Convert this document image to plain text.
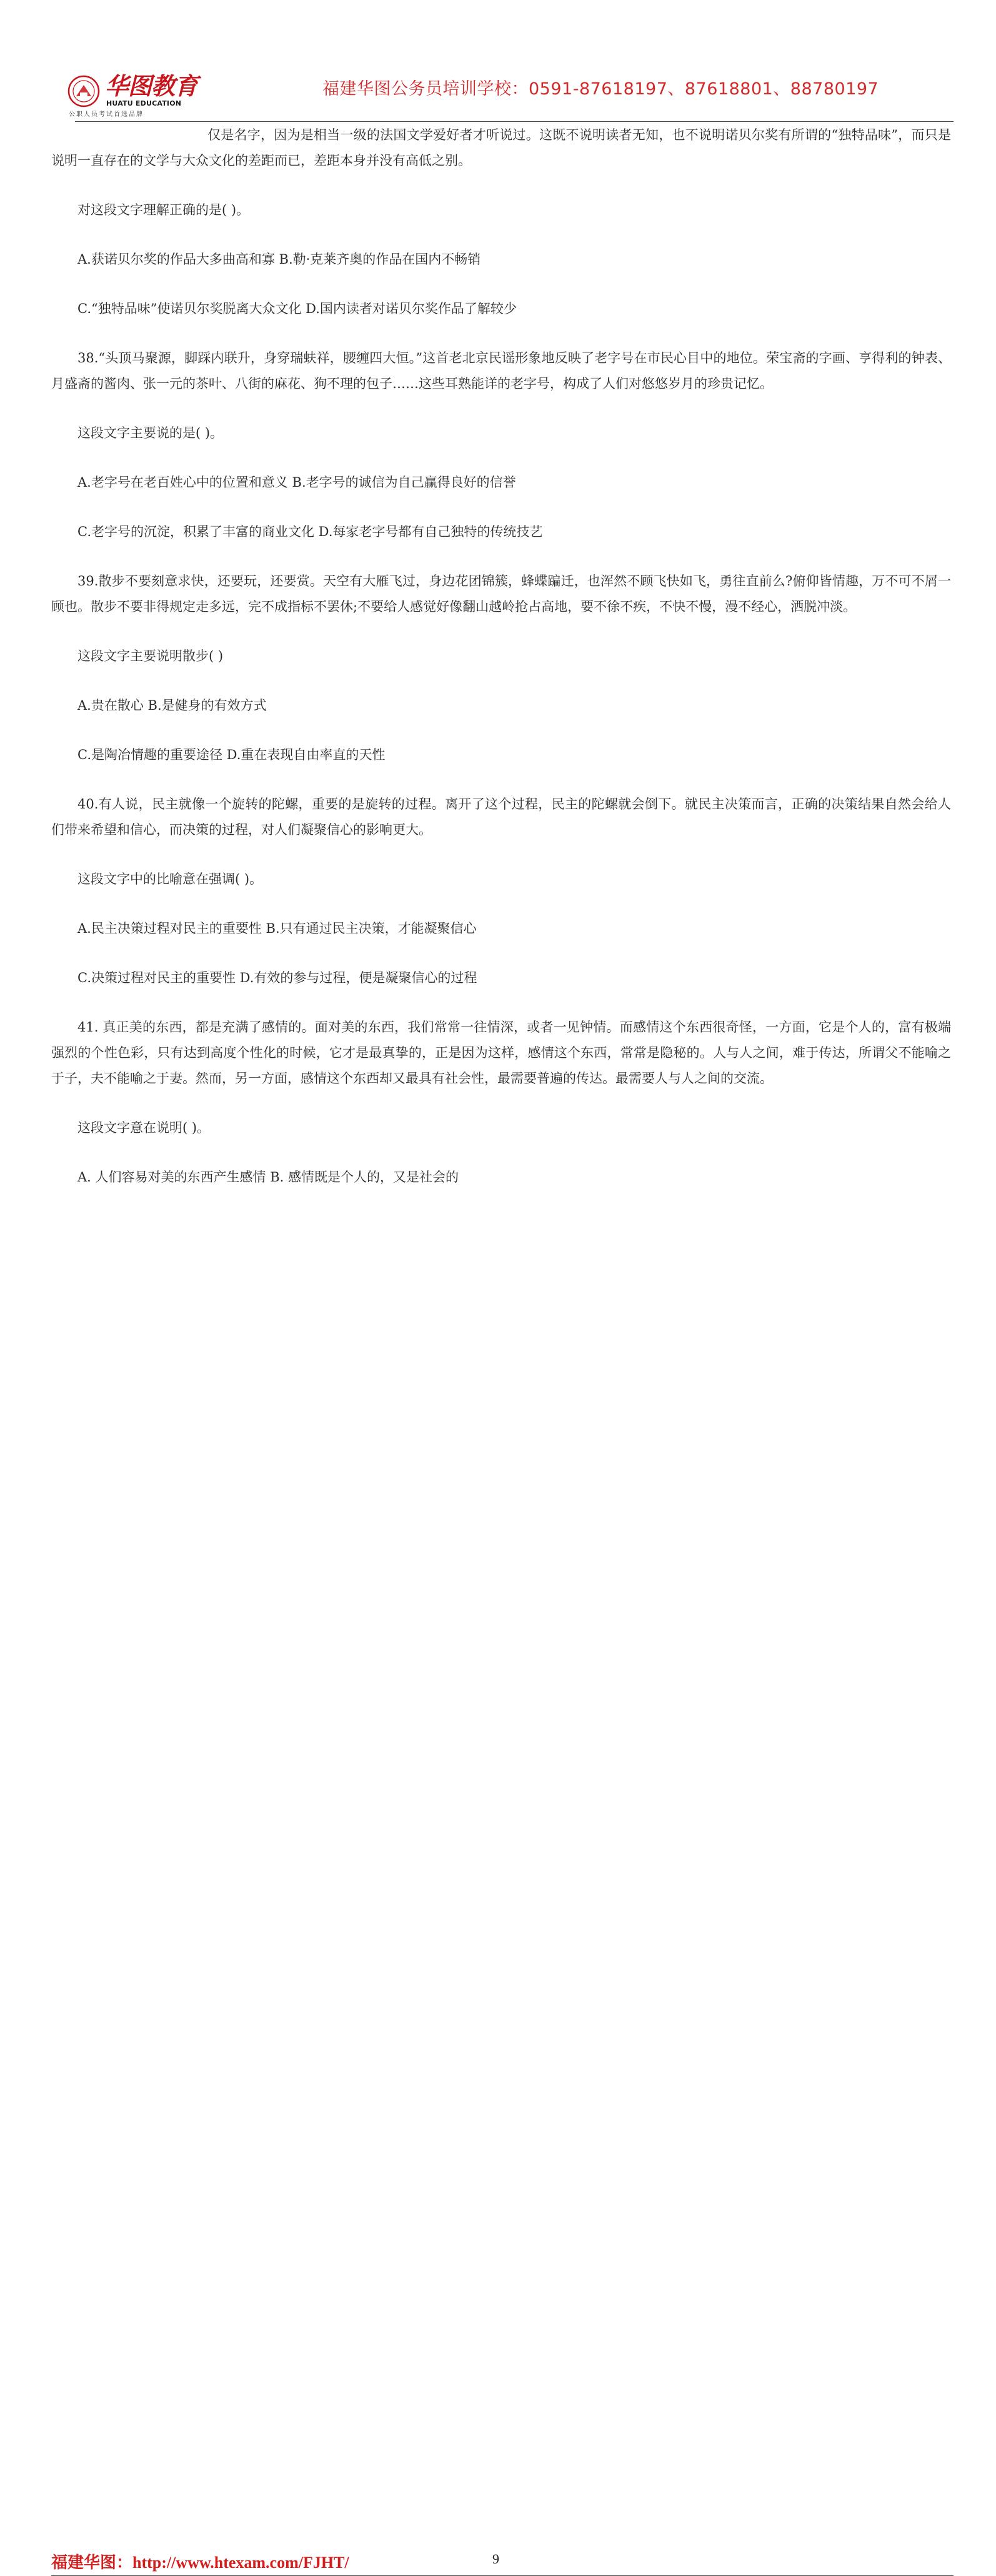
华图教育
HUATU EDUCATION
公职人员考试首选品牌
福建华图公务员培训学校：0591-87618197、87618801、88780197

仅是名字，因为是相当一级的法国文学爱好者才听说过。这既不说明读者无知，也不说明诺贝尔奖有所谓的“独特品味”，而只是说明一直存在的文学与大众文化的差距而已，差距本身并没有高低之别。

对这段文字理解正确的是( )。

A.获诺贝尔奖的作品大多曲高和寡 B.勒·克莱齐奥的作品在国内不畅销

C.“独特品味”使诺贝尔奖脱离大众文化 D.国内读者对诺贝尔奖作品了解较少

38.“头顶马聚源，脚踩内联升，身穿瑞蚨祥，腰缠四大恒。”这首老北京民谣形象地反映了老字号在市民心目中的地位。荣宝斋的字画、亨得利的钟表、月盛斋的酱肉、张一元的茶叶、八街的麻花、狗不理的包子……这些耳熟能详的老字号，构成了人们对悠悠岁月的珍贵记忆。

这段文字主要说的是( )。

A.老字号在老百姓心中的位置和意义 B.老字号的诚信为自己赢得良好的信誉

C.老字号的沉淀，积累了丰富的商业文化 D.每家老字号都有自己独特的传统技艺

39.散步不要刻意求快，还要玩，还要赏。天空有大雁飞过，身边花团锦簇，蜂蝶蹁迁，也浑然不顾飞快如飞，勇往直前么?俯仰皆情趣，万不可不屑一顾也。散步不要非得规定走多远，完不成指标不罢休;不要给人感觉好像翻山越岭抢占高地，要不徐不疾，不快不慢，漫不经心，洒脱冲淡。

这段文字主要说明散步( )

A.贵在散心 B.是健身的有效方式

C.是陶冶情趣的重要途径 D.重在表现自由率直的天性

40.有人说，民主就像一个旋转的陀螺，重要的是旋转的过程。离开了这个过程，民主的陀螺就会倒下。就民主决策而言，正确的决策结果自然会给人们带来希望和信心，而决策的过程，对人们凝聚信心的影响更大。

这段文字中的比喻意在强调( )。

A.民主决策过程对民主的重要性 B.只有通过民主决策，才能凝聚信心

C.决策过程对民主的重要性 D.有效的参与过程，便是凝聚信心的过程

41. 真正美的东西，都是充满了感情的。面对美的东西，我们常常一往情深，或者一见钟情。而感情这个东西很奇怪，一方面，它是个人的，富有极端强烈的个性色彩，只有达到高度个性化的时候，它才是最真挚的，正是因为这样，感情这个东西，常常是隐秘的。人与人之间，难于传达，所谓父不能喻之于子，夫不能喻之于妻。然而，另一方面，感情这个东西却又最具有社会性，最需要普遍的传达。最需要人与人之间的交流。

这段文字意在说明( )。

A. 人们容易对美的东西产生感情 B. 感情既是个人的，又是社会的

福建华图：http://www.htexam.com/FJHT/	9
